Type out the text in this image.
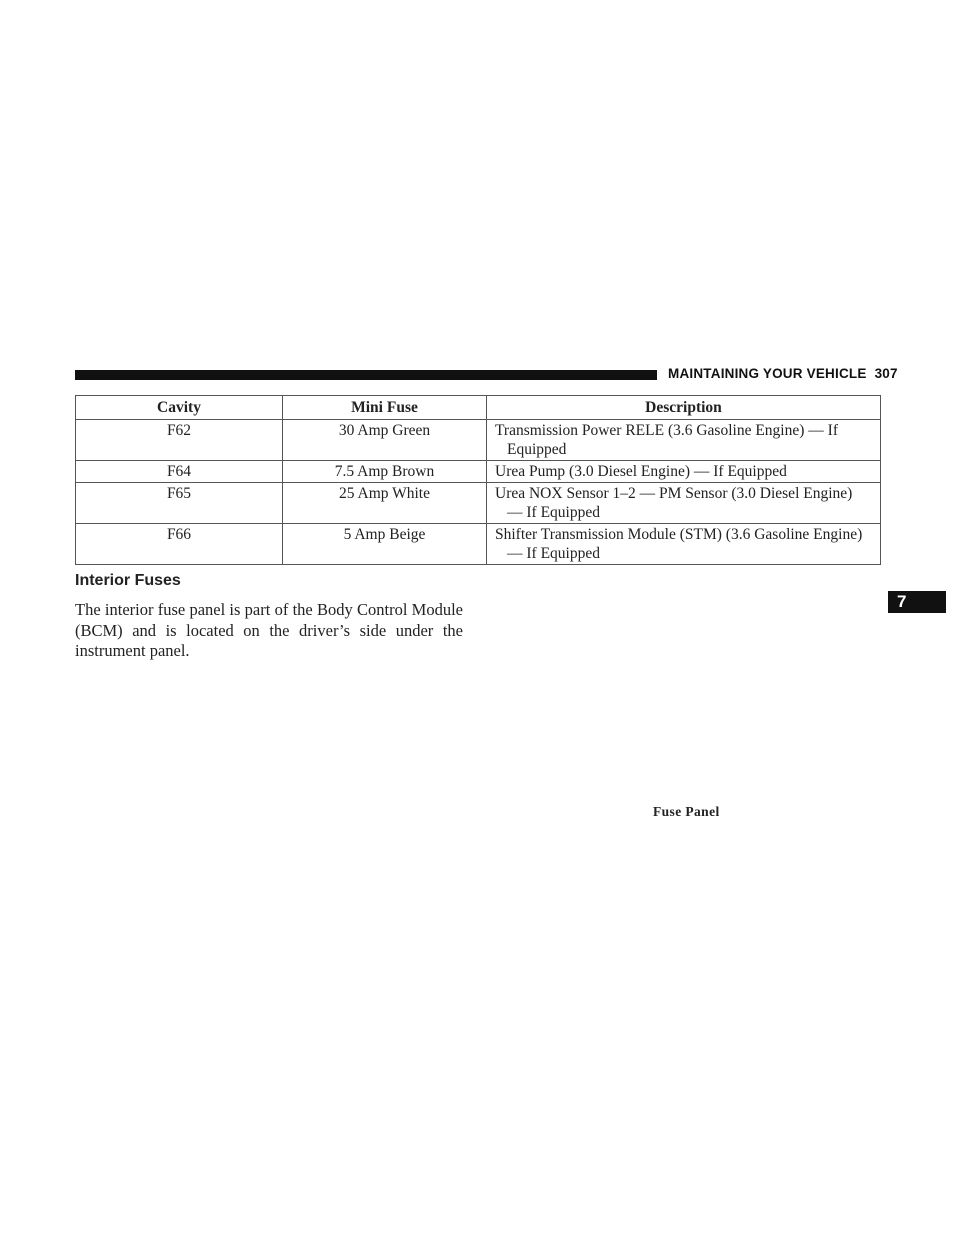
MAINTAINING YOUR VEHICLE 307
Cavity	Mini Fuse	Description
F62	30 Amp Green	Transmission Power RELE (3.6 Gasoline Engine) — If
Equipped

F64	7.5 Amp Brown	Urea Pump (3.0 Diesel Engine) — If Equipped
F65	25 Amp White	Urea NOX Sensor 1–2 — PM Sensor (3.0 Diesel Engine)
— If Equipped

F66	5 Amp Beige	Shifter Transmission Module (STM) (3.6 Gasoline Engine)
— If Equipped
Interior Fuses

The interior fuse panel is part of the Body Control Module (BCM) and is located on the driver’s side under the instrument panel.

7
Fuse Panel
